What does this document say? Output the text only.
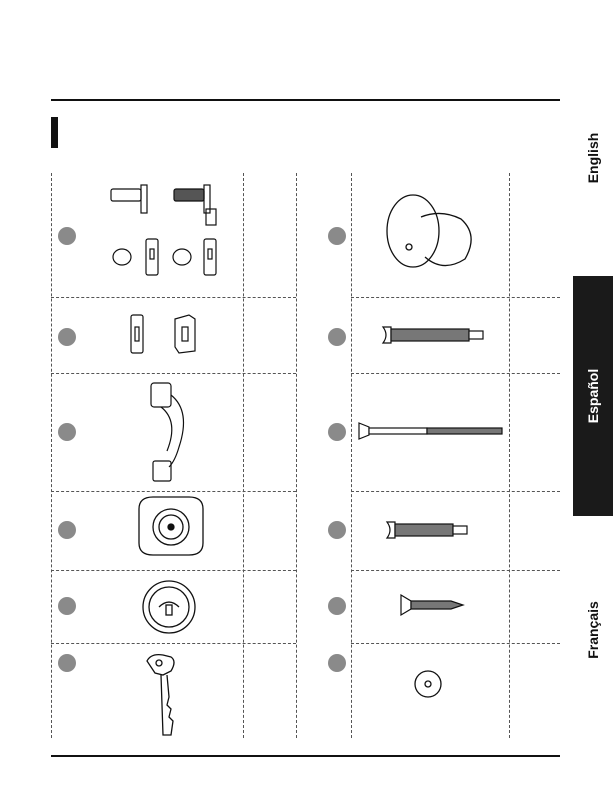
English
Español
Français
